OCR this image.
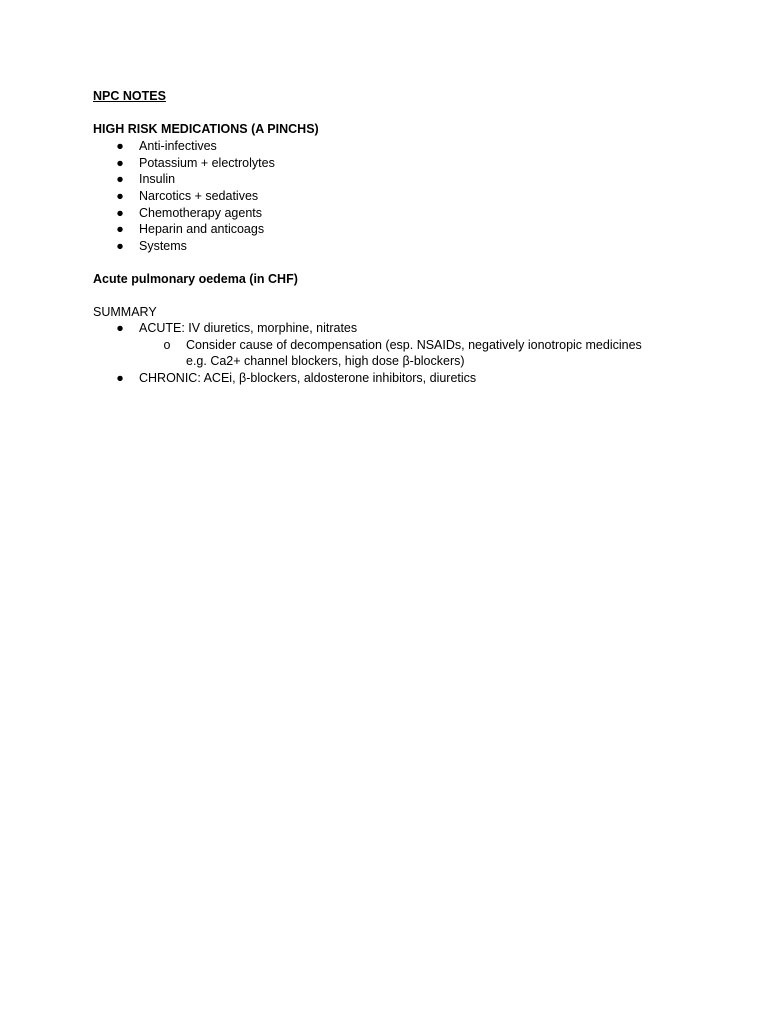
NPC NOTES
HIGH RISK MEDICATIONS (A PINCHS)
● Anti-infectives
● Potassium + electrolytes
● Insulin
● Narcotics + sedatives
● Chemotherapy agents
● Heparin and anticoags
● Systems
Acute pulmonary oedema (in CHF)
SUMMARY
● ACUTE: IV diuretics, morphine, nitrates
o Consider cause of decompensation (esp. NSAIDs, negatively ionotropic medicines
e.g. Ca2+ channel blockers, high dose β-blockers)
● CHRONIC: ACEi, β-blockers, aldosterone inhibitors, diuretics
